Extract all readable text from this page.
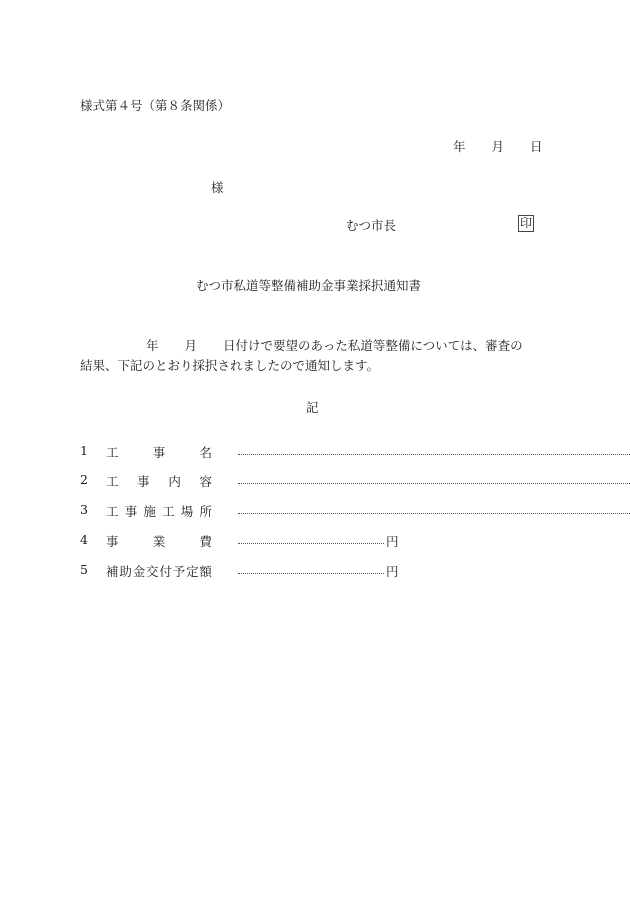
様式第４号（第８条関係）
年 月 日
様
むつ市長	印
むつ市私道等整備補助金事業採択通知書
年 月 日付けで要望のあった私道等整備については、審査の
結果、下記のとおり採択されましたので通知します。
記
1 工	事	名
2 工 事 内 容
3 工 事 施 工 場 所
4 事	業	費	円
5 補 助 金 交 付 予 定 額	円
